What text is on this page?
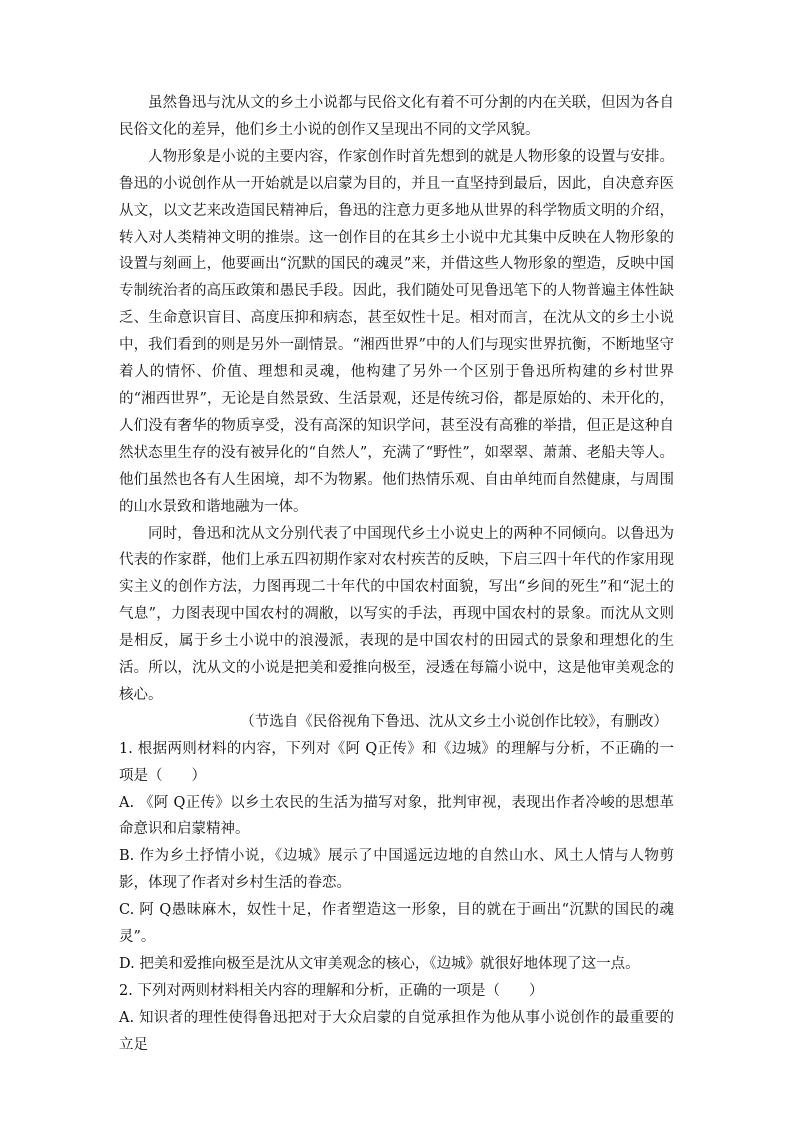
虽然鲁迅与沈从文的乡土小说都与民俗文化有着不可分割的内在关联，但因为各自民俗文化的差异，他们乡土小说的创作又呈现出不同的文学风貌。

人物形象是小说的主要内容，作家创作时首先想到的就是人物形象的设置与安排。鲁迅的小说创作从一开始就是以启蒙为目的，并且一直坚持到最后，因此，自决意弃医从文，以文艺来改造国民精神后，鲁迅的注意力更多地从世界的科学物质文明的介绍，转入对人类精神文明的推崇。这一创作目的在其乡土小说中尤其集中反映在人物形象的设置与刻画上，他要画出“沉默的国民的魂灵”来，并借这些人物形象的塑造，反映中国专制统治者的高压政策和愚民手段。因此，我们随处可见鲁迅笔下的人物普遍主体性缺乏、生命意识盲目、高度压抑和病态，甚至奴性十足。相对而言，在沈从文的乡土小说中，我们看到的则是另外一副情景。“湘西世界”中的人们与现实世界抗衡，不断地坚守着人的情怀、价值、理想和灵魂，他构建了另外一个区别于鲁迅所构建的乡村世界的“湘西世界”，无论是自然景致、生活景观，还是传统习俗，都是原始的、未开化的，人们没有奢华的物质享受，没有高深的知识学问，甚至没有高雅的举措，但正是这种自然状态里生存的没有被异化的“自然人”，充满了“野性”，如翠翠、萧萧、老船夫等人。他们虽然也各有人生困境，却不为物累。他们热情乐观、自由单纯而自然健康，与周围的山水景致和谐地融为一体。

同时，鲁迅和沈从文分别代表了中国现代乡土小说史上的两种不同倾向。以鲁迅为代表的作家群，他们上承五四初期作家对农村疾苦的反映，下启三四十年代的作家用现实主义的创作方法，力图再现二十年代的中国农村面貌，写出“乡间的死生”和“泥土的气息”，力图表现中国农村的凋敝，以写实的手法，再现中国农村的景象。而沈从文则是相反，属于乡土小说中的浪漫派，表现的是中国农村的田园式的景象和理想化的生活。所以，沈从文的小说是把美和爱推向极至，浸透在每篇小说中，这是他审美观念的核心。

（节选自《民俗视角下鲁迅、沈从文乡土小说创作比较》，有删改）

1. 根据两则材料的内容，下列对《阿 Q正传》和《边城》的理解与分析，不正确的一项是（　　）

A. 《阿 Q正传》以乡土农民的生活为描写对象，批判审视，表现出作者冷峻的思想革命意识和启蒙精神。

B. 作为乡土抒情小说，《边城》展示了中国遥远边地的自然山水、风土人情与人物剪影，体现了作者对乡村生活的眷恋。

C. 阿 Q愚昧麻木，奴性十足，作者塑造这一形象，目的就在于画出“沉默的国民的魂灵”。

D. 把美和爱推向极至是沈从文审美观念的核心，《边城》就很好地体现了这一点。

2. 下列对两则材料相关内容的理解和分析，正确的一项是（　　）

A. 知识者的理性使得鲁迅把对于大众启蒙的自觉承担作为他从事小说创作的最重要的立足
